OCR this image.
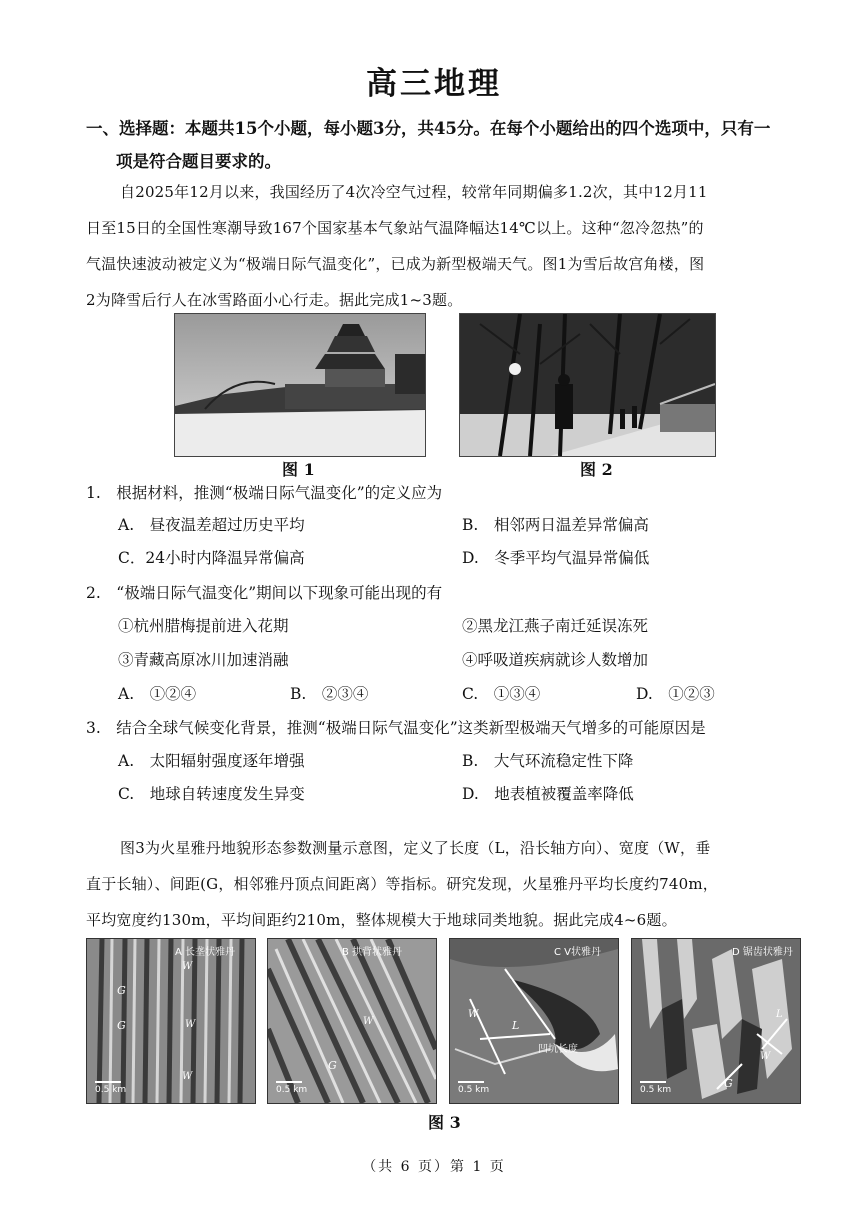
高三地理
一、选择题：本题共15个小题，每小题3分，共45分。在每个小题给出的四个选项中，只有一
项是符合题目要求的。
自2025年12月以来，我国经历了4次冷空气过程，较常年同期偏多1.2次，其中12月11
日至15日的全国性寒潮导致167个国家基本气象站气温降幅达14℃以上。这种“忽冷忽热”的
气温快速波动被定义为“极端日际气温变化”，已成为新型极端天气。图1为雪后故宫角楼，图
2为降雪后行人在冰雪路面小心行走。据此完成1~3题。
图 1	图 2
1.　根据材料，推测“极端日际气温变化”的定义应为
A.　昼夜温差超过历史平均	B.　相邻两日温差异常偏高
C．24小时内降温异常偏高	D.　冬季平均气温异常偏低
2.　“极端日际气温变化”期间以下现象可能出现的有
①杭州腊梅提前进入花期	②黑龙江燕子南迁延误冻死
③青藏高原冰川加速消融	④呼吸道疾病就诊人数增加
A.　①②④	B.　②③④	C.　①③④	D.　①②③
3.　结合全球气候变化背景，推测“极端日际气温变化”这类新型极端天气增多的可能原因是
A.　太阳辐射强度逐年增强	B.　大气环流稳定性下降
C.　地球自转速度发生异变	D.　地表植被覆盖率降低
图3为火星雅丹地貌形态参数测量示意图，定义了长度（L，沿长轴方向）、宽度（W，垂
直于长轴）、间距(G，相邻雅丹顶点间距离）等指标。研究发现，火星雅丹平均长度约740m，
平均宽度约130m，平均间距约210m，整体规模大于地球同类地貌。据此完成4~6题。
G
G
W
W
W
A 长垄状雅丹
0.5 km
W
G
B 拱背状雅丹
0.5 km
W
L
凹坑长度
C V状雅丹
0.5 km
L
W
G
D 锯齿状雅丹
0.5 km
图 3
（共 6 页）第 1 页
